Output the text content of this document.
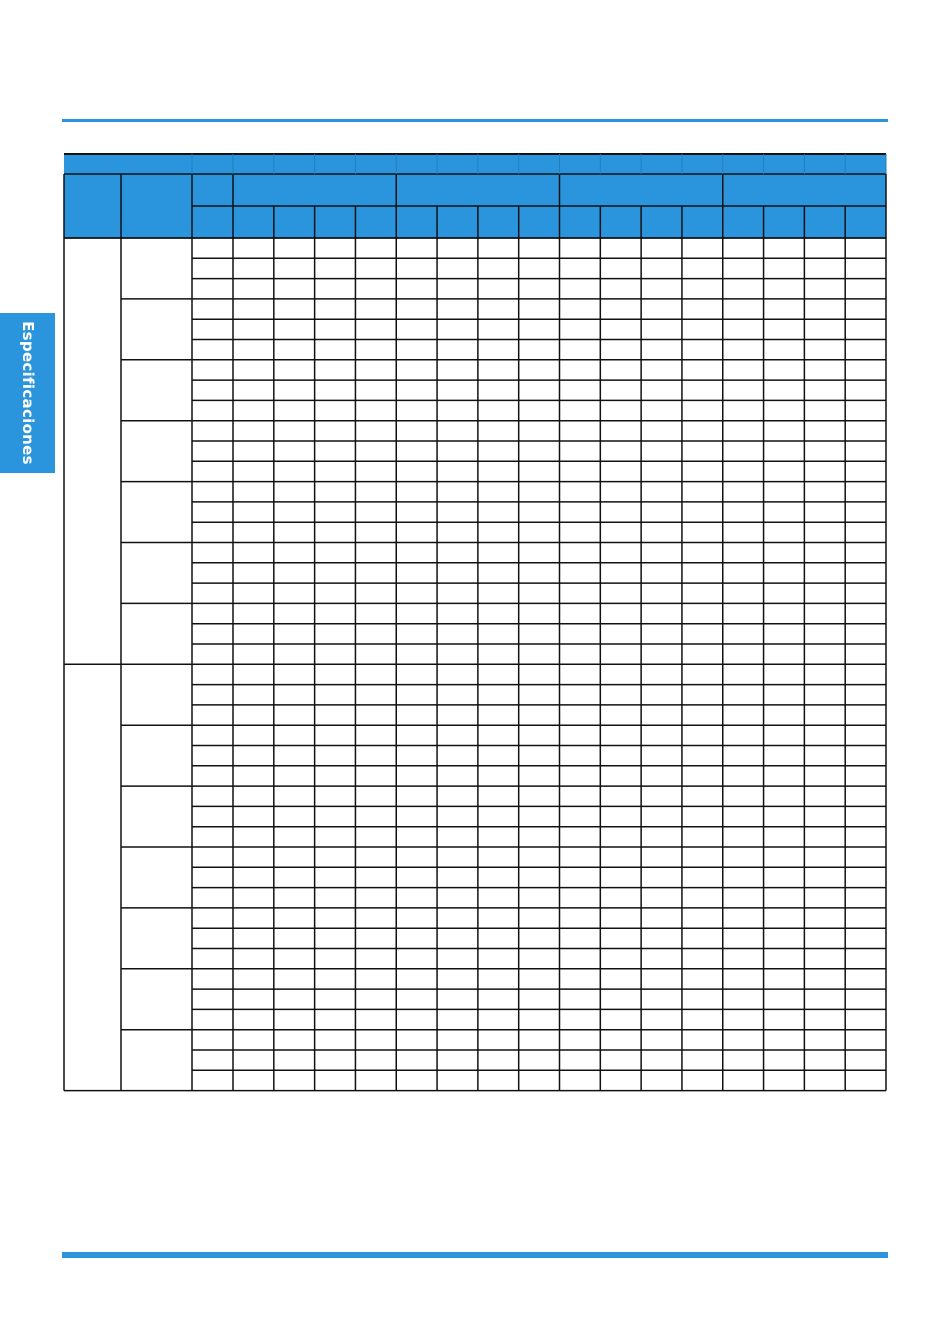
Especificaciones
